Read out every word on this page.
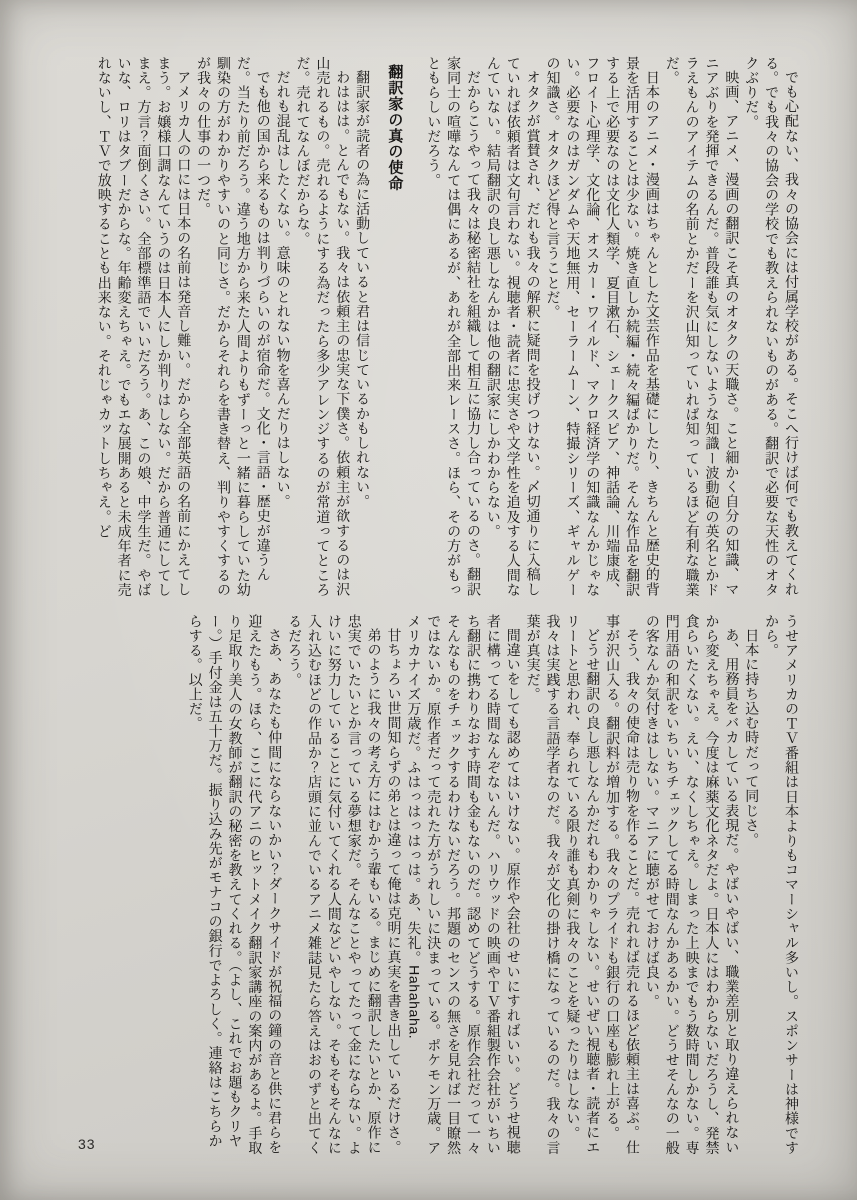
でも心配ない、我々の協会には付属学校がある。そこへ行けば何でも教えてくれる。でも我々の協会の学校でも教えられないものがある。翻訳で必要な天性のオタクぶりだ。

映画、アニメ、漫画の翻訳こそ真のオタクの天職さ。こと細かく自分の知識、マニアぶりを発揮できるんだ。普段誰も気にしないような知識ー波動砲の英名とかドラえもんのアイテムの名前とかだーを沢山知っていれば知っているほど有利な職業だ。

日本のアニメ・漫画はちゃんとした文芸作品を基礎にしたり、きちんと歴史的背景を活用することは少ない。焼き直しか続編・続々編ばかりだ。そんな作品を翻訳する上で必要なのは文化人類学、夏目漱石、シェークスピア、神話論、川端康成、フロイト心理学、文化論、オスカー・ワイルド、マクロ経済学の知識なんかじゃない。必要なのはガンダムや天地無用、セーラームーン、特撮シリーズ、ギャルゲーの知識さ。オタクほど得と言うことだ。

オタクが賞賛され、だれも我々の解釈に疑問を投げつけない。〆切通りに入稿していれば依頼者は文句言わない。視聴者・読者に忠実さや文学性を追及する人間なんていない。結局翻訳の良し悪しなんかは他の翻訳家にしかわからない。

だからこうやって我々は秘密結社を組織して相互に協力し合っているのさ。翻訳家同士の喧嘩なんては偶にあるが、あれが全部出来レースさ。ほら、その方がもっともらしいだろう。

翻訳家の真の使命

翻訳家が読者の為に活動していると君は信じているかもしれない。

わははは。とんでもない。我々は依頼主の忠実な下僕さ。依頼主が欲するのは沢山売れるもの。売れるようにする為だったら多少アレンジするのが常道ってところだ。売れてなんぼだからな。

だれも混乱はしたくない。意味のとれない物を喜んだりはしない。

でも他の国から来るものは判りづらいのが宿命だ。文化・言語・歴史が違うんだ。当たり前だろう。違う地方から来た人間よりもずーっと一緒に暮らしていた幼馴染の方がわかりやすいのと同じさ。だからそれらを書き替え、判りやすくするのが我々の仕事の一つだ。

アメリカ人の口には日本の名前は発音し難い。だから全部英語の名前にかえてしまう。お嬢様口調なんていうのは日本人にしか判りはしない。だから普通にしてしまえ。方言？面倒くさい。全部標準語でいいだろう。あ、この娘、中学生だ。やばいな、ロリはタブーだからな。年齢変えちゃえ。でもエな展開あると未成年者に売れないし、ＴＶで放映することも出来ない。それじゃカットしちゃえ。ど

うせアメリカのＴＶ番組は日本よりもコマーシャル多いし。スポンサーは神様ですから。

日本に持ち込む時だって同じさ。

あ、用務員をバカしている表現だ。やばいやばい、職業差別と取り違えられないから変えちゃえ。今度は麻薬文化ネタだよ。日本人にはわからないだろうし、発禁食らいたくない。えい、なくしちゃえ。しまった上映までもう数時間しかない。専門用語の和訳をいちいちチェックしてる時間なんかあるかい。どうせそんなの一般の客なんか気付きはしない。マニアに聴がせておけば良い。

そう、我々の使命は売り物を作ることだ。売れれば売れるほど依頼主は喜ぶ。仕事が沢山入る。翻訳料が増加する。我々のプライドも銀行の口座も膨れ上がる。

どうせ翻訳の良し悪しなんかだれもわかりゃしない。せいぜい視聴者・読者にエリートと思われ、奉られている限り誰も真剣に我々のことを疑ったりはしない。我々は実践する言語学者なのだ。我々が文化の掛け橋になっているのだ。我々の言葉が真実だ。

間違いをしても認めてはいけない。原作や会社のせいにすればいい。どうせ視聴者に構ってる時間なんぞないんだ。ハリウッドの映画やＴＶ番組製作会社がいちいち翻訳に携わりなおす時間も金もないのだ。認めてどうする。原作会社だって一々そんなものをチェックするわけないだろう。邦題のセンスの無さを見れば一目瞭然ではないか。原作者だって売れた方がうれしいに決まっている。ポケモン万歳。アメリカナイズ万歳だ。ふはっはっはっは。あ、失礼。Hahahaha.

甘ちょろい世間知らずの弟とは違って俺は克明に真実を書き出しているだけさ。

弟のように我々の考え方にはむかう輩もいる。まじめに翻訳したいとか、原作に忠実でいたいとか言っている夢想家だ。そんなことやってたって金にならない。よけいに努力していることに気付いてくれる人間などいやしない。そもそもそんなに入れ込むほどの作品か？店頭に並んでいるアニメ雑誌見たら答えはおのずと出てくるだろう。

さあ、あなたも仲間にならないかい？ダークサイドが祝福の鐘の音と供に君らを迎えたもう。ほら、ここに代アニのヒットメイク翻訳家講座の案内があるよ。手取り足取り美人の女教師が翻訳の秘密を教えてくれる。（よし、これでお題もクリヤー。）手付金は五十万だ。振り込み先がモナコの銀行でよろしく。連絡はこちらからする。以上だ。

33
